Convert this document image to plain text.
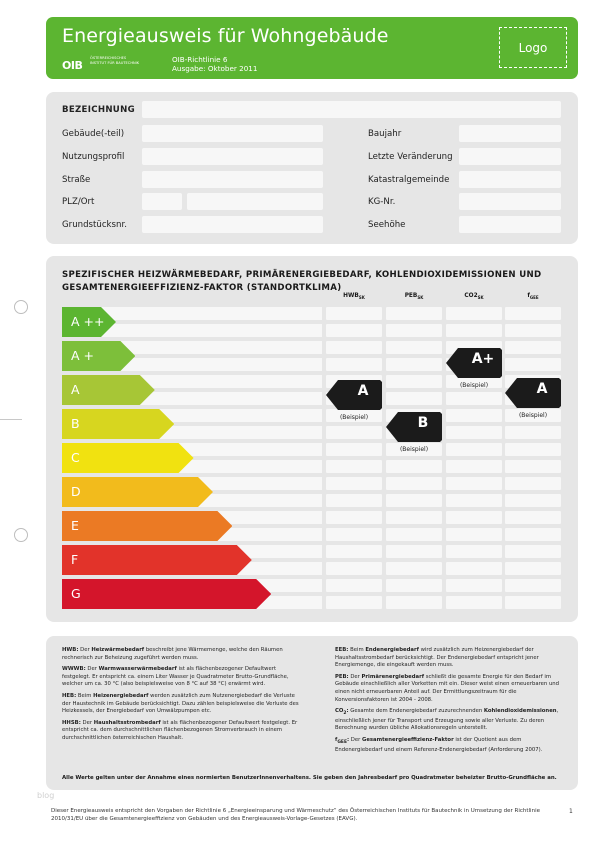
Energieausweis für Wohngebäude
OIB
ÖSTERREICHISCHES
INSTITUT FÜR BAUTECHNIK	OIB-Richtlinie 6
Ausgabe: Oktober 2011
Logo
BEZEICHNUNG
Gebäude(-teil)	Baujahr
Nutzungsprofil	Letzte Veränderung
Straße	Katastralgemeinde
PLZ/Ort	KG-Nr.
Grundstücksnr.	Seehöhe
SPEZIFISCHER HEIZWÄRMEBEDARF, PRIMÄRENERGIEBEDARF, KOHLENDIOXIDEMISSIONEN UND
GESAMTENERGIEEFFIZIENZ-FAKTOR (STANDORTKLIMA)
$HWB_{SK}$	$PEB_{SK}$	$CO2_{SK}$	$f_{GEE}$
A ++
A +
A
B
C
D
E
F
G
A
(Beispiel)	B
(Beispiel)
A+
(Beispiel)	A
(Beispiel)

HWB: Der Heizwärmebedarf beschreibt jene Wärmemenge, welche den Räumen rechnerisch zur Beheizung zugeführt werden muss.

WWWB: Der Warmwasserwärmebedarf ist als flächenbezogener Defaultwert festgelegt. Er entspricht ca. einem Liter Wasser je Quadratmeter Brutto-Grundfläche, welcher um ca. 30 °C (also beispielsweise von 8 °C auf 38 °C) erwärmt wird.

HEB: Beim Heizenergiebedarf werden zusätzlich zum Nutzenergiebedarf die Verluste der Haustechnik im Gebäude berücksichtigt. Dazu zählen beispielsweise die Verluste des Heizkessels, der Energiebedarf von Umwälzpumpen etc.

HHSB: Der Haushaltsstrombedarf ist als flächenbezogener Defaultwert festgelegt. Er entspricht ca. dem durchschnittlichen flächenbezogenen Stromverbrauch in einem durchschnittlichen österreichischen Haushalt.

EEB: Beim Endenergiebedarf wird zusätzlich zum Heizenergiebedarf der Haushaltsstrombedarf berücksichtigt. Der Endenergiebedarf entspricht jener Energiemenge, die eingekauft werden muss.

PEB: Der Primärenergiebedarf schließt die gesamte Energie für den Bedarf im Gebäude einschließlich aller Vorketten mit ein. Dieser weist einen erneuerbaren und einen nicht erneuerbaren Anteil auf. Der Ermittlungszeitraum für die Konversionsfaktoren ist 2004 - 2008.

$CO_2$: Gesamte dem Endenergiebedarf zuzurechnenden Kohlendioxidemissionen, einschließlich jener für Transport und Erzeugung sowie aller Verluste. Zu deren Berechnung wurden übliche Allokationsregeln unterstellt.

$f_{GEE}$: Der Gesamtenergieeffizienz-Faktor ist der Quotient aus dem Endenergiebedarf und einem Referenz-Endenergiebedarf (Anforderung 2007).

Alle Werte gelten unter der Annahme eines normierten BenutzerInnenverhaltens. Sie geben den Jahresbedarf pro Quadratmeter beheizter Brutto-Grundfläche an.
blog
Dieser Energieausweis entspricht den Vorgaben der Richtlinie 6 „Energieeinsparung und Wärmeschutz“ des Österreichischen Instituts für Bautechnik in Umsetzung der Richtlinie 2010/31/EU über die Gesamtenergieeffizienz von Gebäuden und des Energieausweis-Vorlage-Gesetzes (EAVG).
1
